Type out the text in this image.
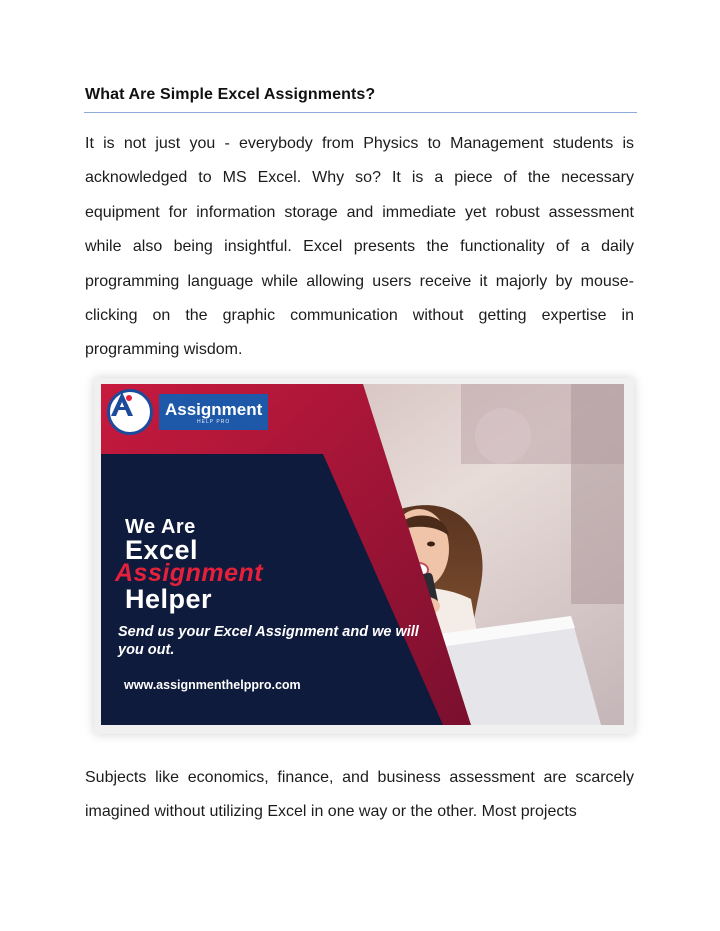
What Are Simple Excel Assignments?
It is not just you - everybody from Physics to Management students is acknowledged to MS Excel. Why so? It is a piece of the necessary equipment for information storage and immediate yet robust assessment while also being insightful. Excel presents the functionality of a daily programming language while allowing users receive it majorly by mouse-clicking on the graphic communication without getting expertise in programming wisdom.
Assignment
HELP PRO
We Are
Excel
Assignment
Helper
Send us your Excel Assignment and we will you out.
www.assignmenthelppro.com
Subjects like economics, finance, and business assessment are scarcely imagined without utilizing Excel in one way or the other. Most projects
